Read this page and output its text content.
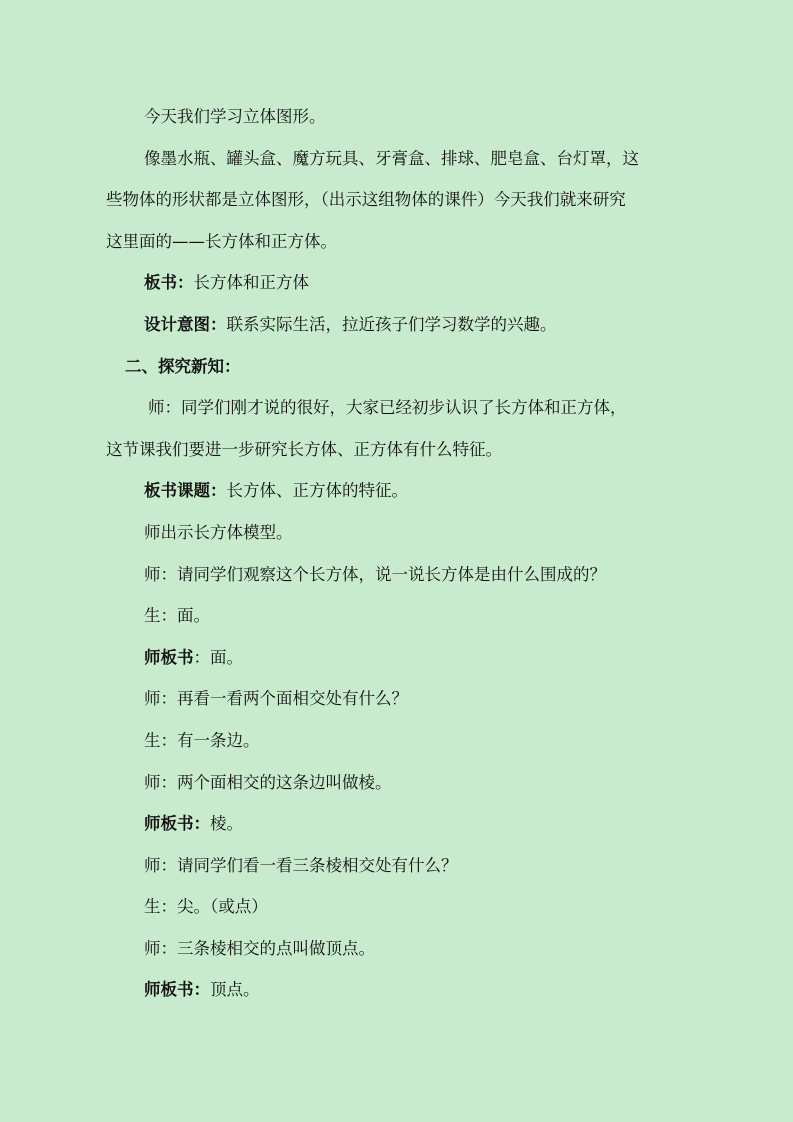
今天我们学习立体图形。
像墨水瓶、罐头盒、魔方玩具、牙膏盒、排球、肥皂盒、台灯罩，这
些物体的形状都是立体图形，（出示这组物体的课件）今天我们就来研究
这里面的——长方体和正方体。
板书：长方体和正方体
设计意图：联系实际生活，拉近孩子们学习数学的兴趣。
二、探究新知：
师：同学们刚才说的很好，大家已经初步认识了长方体和正方体，
这节课我们要进一步研究长方体、正方体有什么特征。
板书课题：长方体、正方体的特征。
师出示长方体模型。
师：请同学们观察这个长方体，说一说长方体是由什么围成的？
生：面。
师板书：面。
师：再看一看两个面相交处有什么？
生：有一条边。
师：两个面相交的这条边叫做棱。
师板书：棱。
师：请同学们看一看三条棱相交处有什么？
生：尖。（或点）
师：三条棱相交的点叫做顶点。
师板书：顶点。
